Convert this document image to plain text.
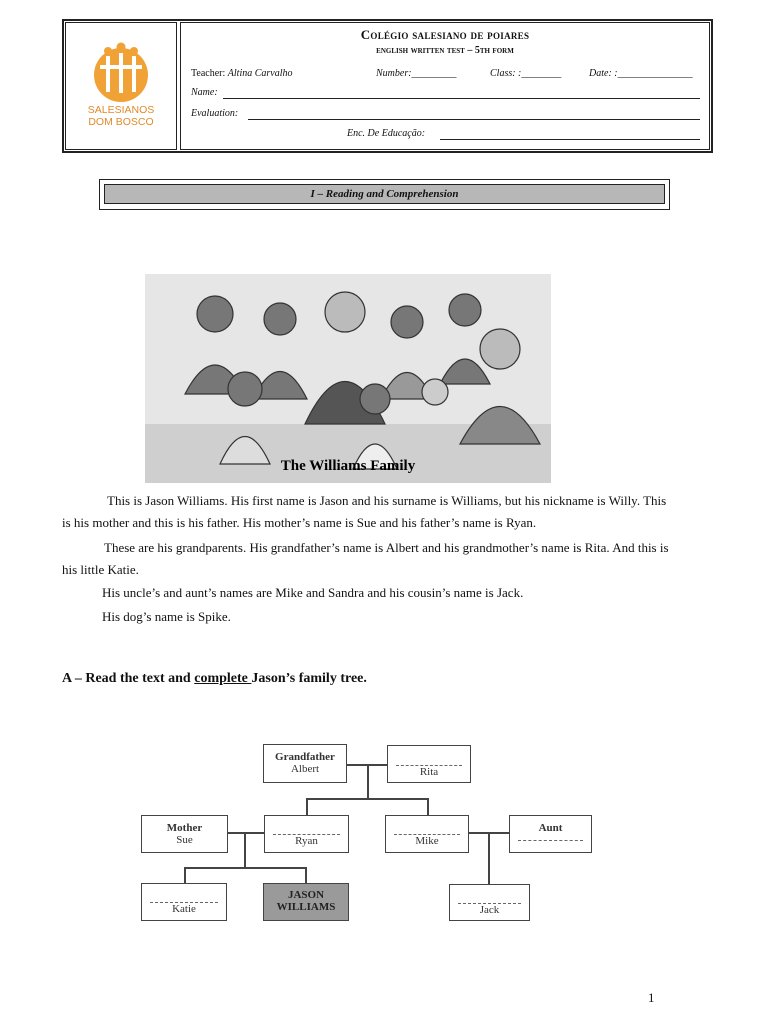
SALESIANOS
DOM BOSCO
Colégio salesiano de poiares
english written test – 5th form
Teacher: Altina Carvalho	Number:_________	Class: :________	Date: :_______________
Name:
Evaluation:
Enc. De Educação:
I – Reading and Comprehension
The Williams Family
This is Jason Williams. His first name is Jason and his surname is Williams, but his nickname is Willy. This is his mother and this is his father. His mother’s name is Sue and his father’s name is Ryan.
These are his grandparents. His grandfather’s name is Albert and his grandmother’s name is Rita. And this is his little Katie.
His uncle’s and aunt’s names are Mike and Sandra and his cousin’s name is Jack.
His dog’s name is Spike.
A – Read the text and complete Jason’s family tree.
Grandfather
Albert	Rita
Mother
Sue	Ryan	Mike
Aunt
Katie
JASON
WILLIAMS	Jack
1
